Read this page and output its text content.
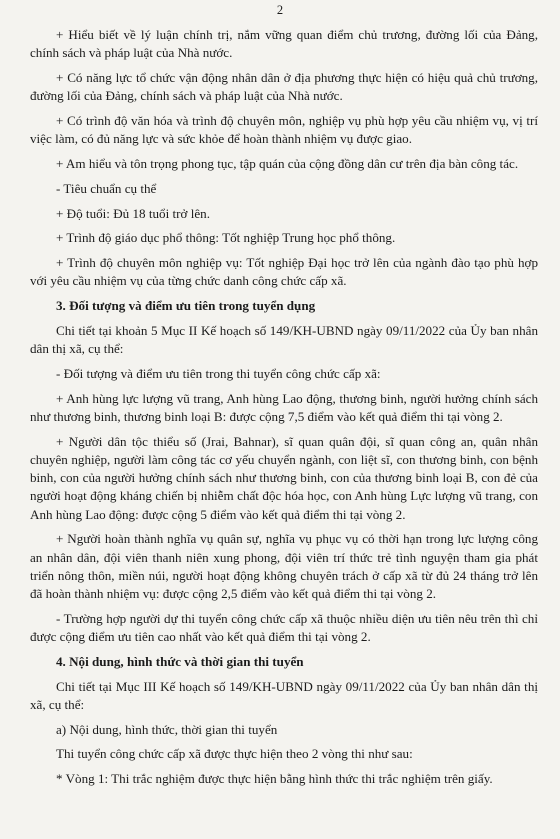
2

+ Hiểu biết về lý luận chính trị, nắm vững quan điểm chủ trương, đường lối của Đảng, chính sách và pháp luật của Nhà nước.

+ Có năng lực tổ chức vận động nhân dân ở địa phương thực hiện có hiệu quả chủ trương, đường lối của Đảng, chính sách và pháp luật của Nhà nước.

+ Có trình độ văn hóa và trình độ chuyên môn, nghiệp vụ phù hợp yêu cầu nhiệm vụ, vị trí việc làm, có đủ năng lực và sức khỏe để hoàn thành nhiệm vụ được giao.

+ Am hiểu và tôn trọng phong tục, tập quán của cộng đồng dân cư trên địa bàn công tác.

- Tiêu chuẩn cụ thể

+ Độ tuổi: Đủ 18 tuổi trở lên.

+ Trình độ giáo dục phổ thông: Tốt nghiệp Trung học phổ thông.

+ Trình độ chuyên môn nghiệp vụ: Tốt nghiệp Đại học trở lên của ngành đào tạo phù hợp với yêu cầu nhiệm vụ của từng chức danh công chức cấp xã.

3. Đối tượng và điểm ưu tiên trong tuyển dụng

Chi tiết tại khoản 5 Mục II Kế hoạch số 149/KH-UBND ngày 09/11/2022 của Ủy ban nhân dân thị xã, cụ thể:

- Đối tượng và điểm ưu tiên trong thi tuyển công chức cấp xã:

+ Anh hùng lực lượng vũ trang, Anh hùng Lao động, thương binh, người hưởng chính sách như thương binh, thương binh loại B: được cộng 7,5 điểm vào kết quả điểm thi tại vòng 2.

+ Người dân tộc thiểu số (Jrai, Bahnar), sĩ quan quân đội, sĩ quan công an, quân nhân chuyên nghiệp, người làm công tác cơ yếu chuyển ngành, con liệt sĩ, con thương binh, con bệnh binh, con của người hưởng chính sách như thương binh, con của thương binh loại B, con đẻ của người hoạt động kháng chiến bị nhiễm chất độc hóa học, con Anh hùng Lực lượng vũ trang, con Anh hùng Lao động: được cộng 5 điểm vào kết quả điểm thi tại vòng 2.

+ Người hoàn thành nghĩa vụ quân sự, nghĩa vụ phục vụ có thời hạn trong lực lượng công an nhân dân, đội viên thanh niên xung phong, đội viên trí thức trẻ tình nguyện tham gia phát triển nông thôn, miền núi, người hoạt động không chuyên trách ở cấp xã từ đủ 24 tháng trở lên đã hoàn thành nhiệm vụ: được cộng 2,5 điểm vào kết quả điểm thi tại vòng 2.

- Trường hợp người dự thi tuyển công chức cấp xã thuộc nhiều diện ưu tiên nêu trên thì chỉ được cộng điểm ưu tiên cao nhất vào kết quả điểm thi tại vòng 2.

4. Nội dung, hình thức và thời gian thi tuyển

Chi tiết tại Mục III Kế hoạch số 149/KH-UBND ngày 09/11/2022 của Ủy ban nhân dân thị xã, cụ thể:

a) Nội dung, hình thức, thời gian thi tuyển

Thi tuyển công chức cấp xã được thực hiện theo 2 vòng thi như sau:

* Vòng 1: Thi trắc nghiệm được thực hiện bằng hình thức thi trắc nghiệm trên giấy.
